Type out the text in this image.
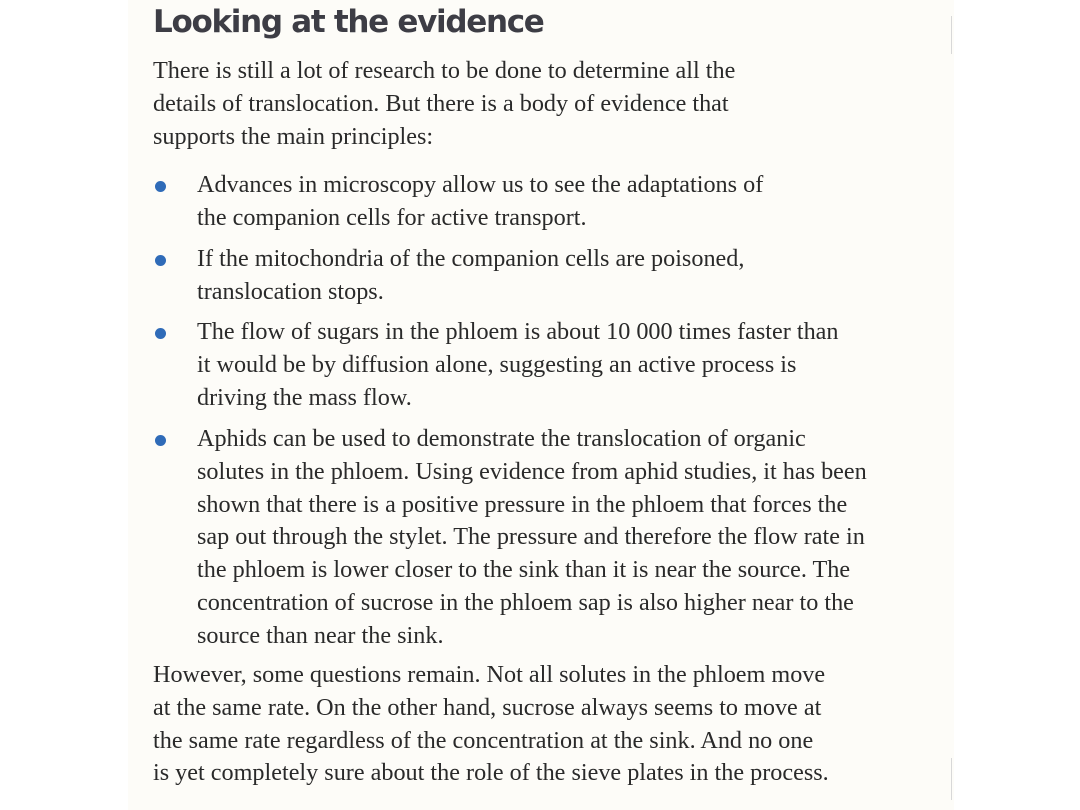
Looking at the evidence

There is still a lot of research to be done to determine all the
details of translocation. But there is a body of evidence that
supports the main principles:

Advances in microscopy allow us to see the adaptations of
the companion cells for active transport.

If the mitochondria of the companion cells are poisoned,
translocation stops.

The flow of sugars in the phloem is about 10 000 times faster than
it would be by diffusion alone, suggesting an active process is
driving the mass flow.

Aphids can be used to demonstrate the translocation of organic
solutes in the phloem. Using evidence from aphid studies, it has been
shown that there is a positive pressure in the phloem that forces the
sap out through the stylet. The pressure and therefore the flow rate in
the phloem is lower closer to the sink than it is near the source. The
concentration of sucrose in the phloem sap is also higher near to the
source than near the sink.

However, some questions remain. Not all solutes in the phloem move
at the same rate. On the other hand, sucrose always seems to move at
the same rate regardless of the concentration at the sink. And no one
is yet completely sure about the role of the sieve plates in the process.
